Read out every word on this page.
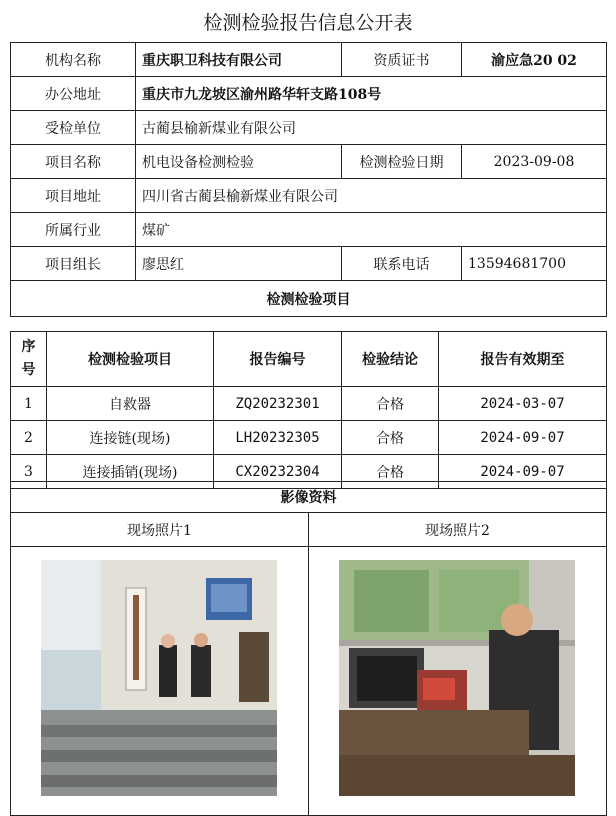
检测检验报告信息公开表
机构名称	重庆职卫科技有限公司	资质证书	渝应急20 02
办公地址	重庆市九龙坡区渝州路华轩支路108号		
受检单位	古蔺县榆新煤业有限公司		
项目名称	机电设备检测检验	检测检验日期	2023-09-08
项目地址	四川省古蔺县榆新煤业有限公司		
所属行业	煤矿		
项目组长	廖思红	联系电话	13594681700
检测检验项目			
序号	检测检验项目	报告编号	检验结论	报告有效期至
1	自救器	ZQ20232301	合格	2024-03-07
2	连接链(现场)	LH20232305	合格	2024-09-07
3	连接插销(现场)	CX20232304	合格	2024-09-07
影像资料	
现场照片1	现场照片2
